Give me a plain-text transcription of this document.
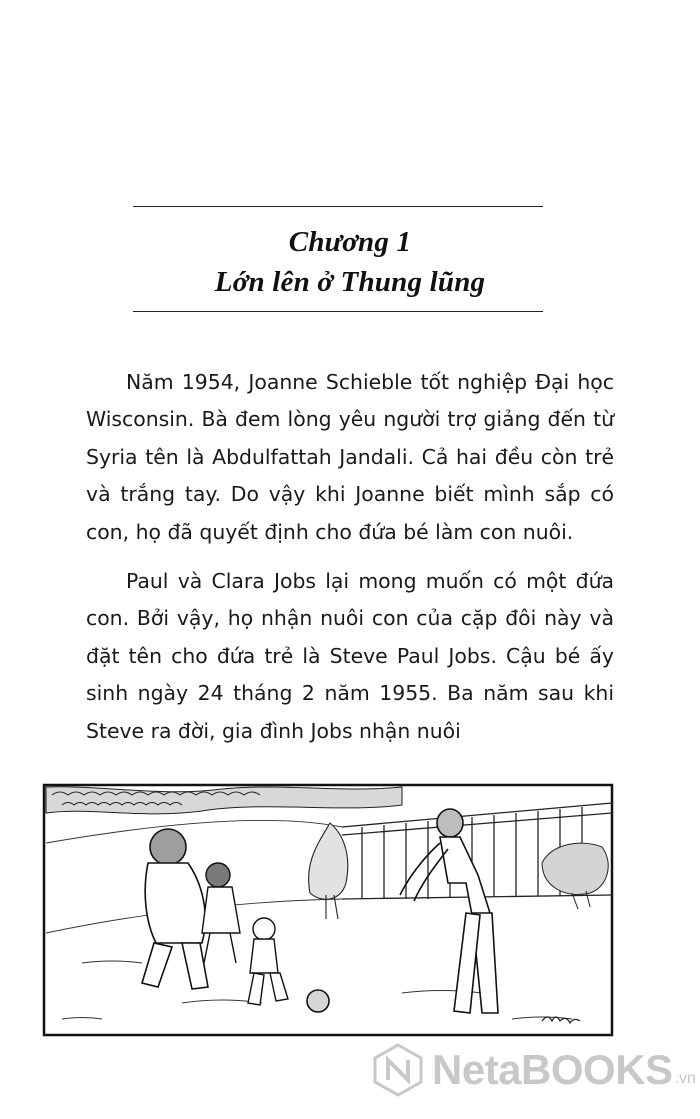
Chương 1
Lớn lên ở Thung lũng

Năm 1954, Joanne Schieble tốt nghiệp Đại học Wisconsin. Bà đem lòng yêu người trợ giảng đến từ Syria tên là Abdulfattah Jandali. Cả hai đều còn trẻ và trắng tay. Do vậy khi Joanne biết mình sắp có con, họ đã quyết định cho đứa bé làm con nuôi.

Paul và Clara Jobs lại mong muốn có một đứa con. Bởi vậy, họ nhận nuôi con của cặp đôi này và đặt tên cho đứa trẻ là Steve Paul Jobs. Cậu bé ấy sinh ngày 24 tháng 2 năm 1955. Ba năm sau khi Steve ra đời, gia đình Jobs nhận nuôi

NetaBOOKS .vn
